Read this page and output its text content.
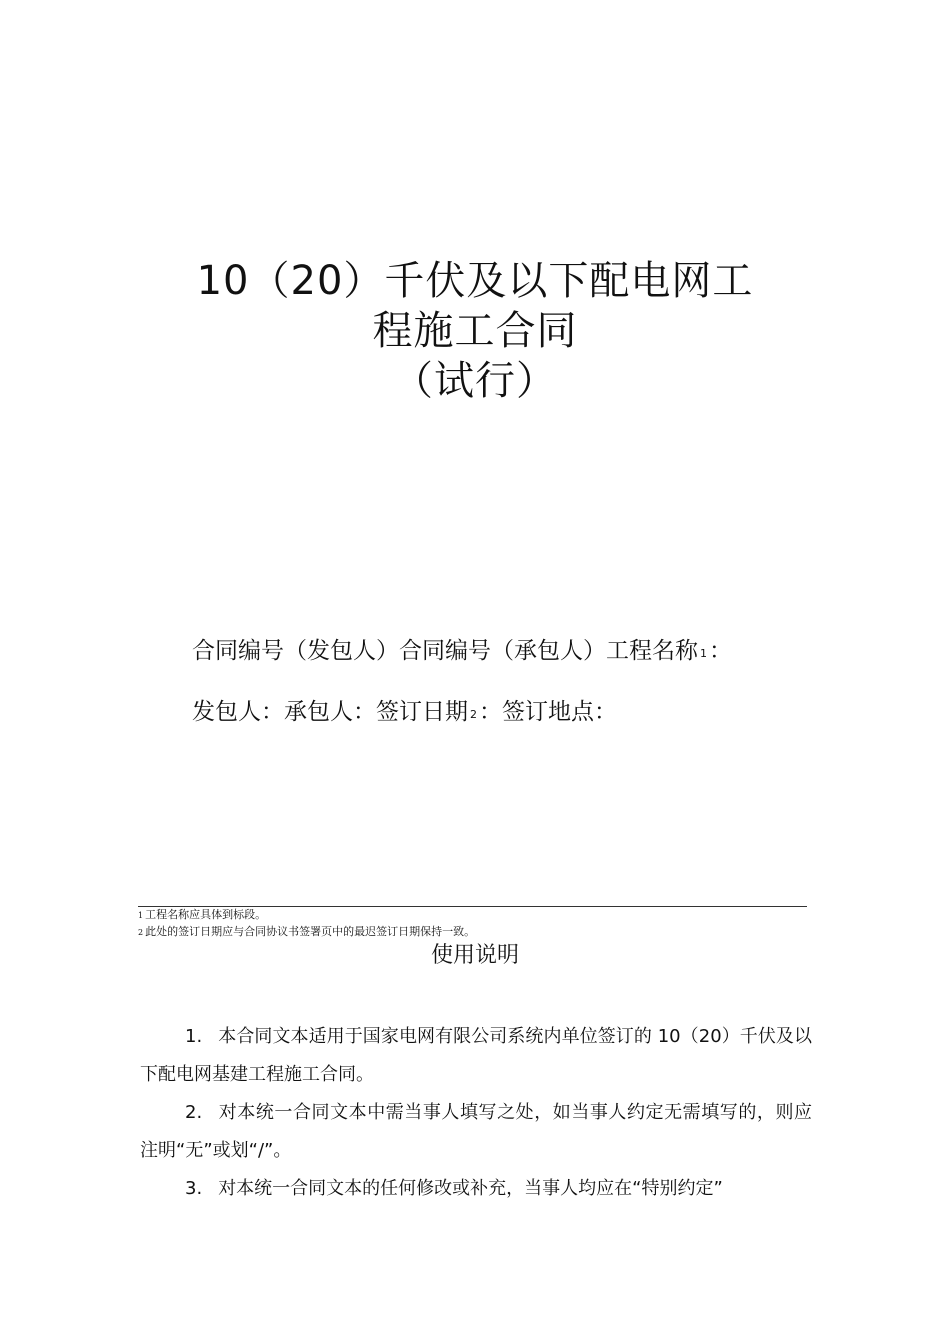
10（20）千伏及以下配电网工
程施工合同
（试行）
合同编号（发包人）合同编号（承包人）工程名称 1：
发包人：承包人：签订日期 2：签订地点：
1 工程名称应具体到标段。
2 此处的签订日期应与合同协议书签署页中的最迟签订日期保持一致。
使用说明

1. 本合同文本适用于国家电网有限公司系统内单位签订的 10（20）千伏及以下配电网基建工程施工合同。

2. 对本统一合同文本中需当事人填写之处，如当事人约定无需填写的，则应注明“无”或划“/”。

3. 对本统一合同文本的任何修改或补充，当事人均应在“特别约定”
